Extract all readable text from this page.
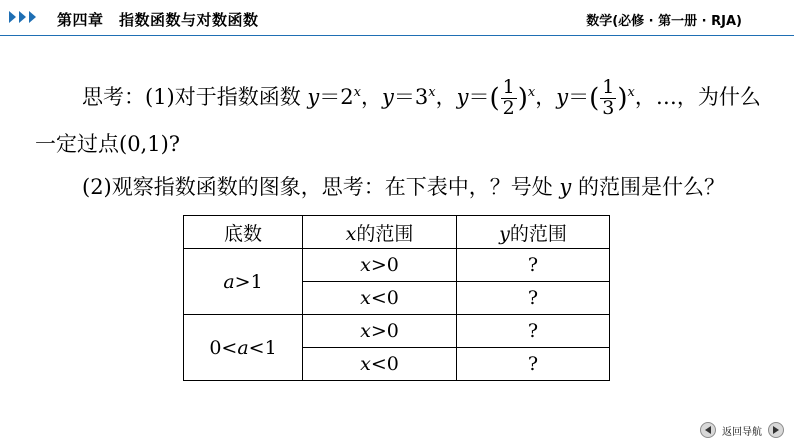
第四章　指数函数与对数函数	数学(必修 · 第一册 · RJA)
思考：(1)对于指数函数 $y=2^x$，$y=3^x$，$y=( \frac{1}{2} )^x$，$y=( \frac{1}{3} )^x$，…，为什么
一定过点(0,1)?
(2)观察指数函数的图象，思考：在下表中，？号处 y 的范围是什么？
底数	x的范围	y的范围
a>1	x>0	?
	x<0	?
0<a<1	x>0	?
	x<0	?
返回导航
